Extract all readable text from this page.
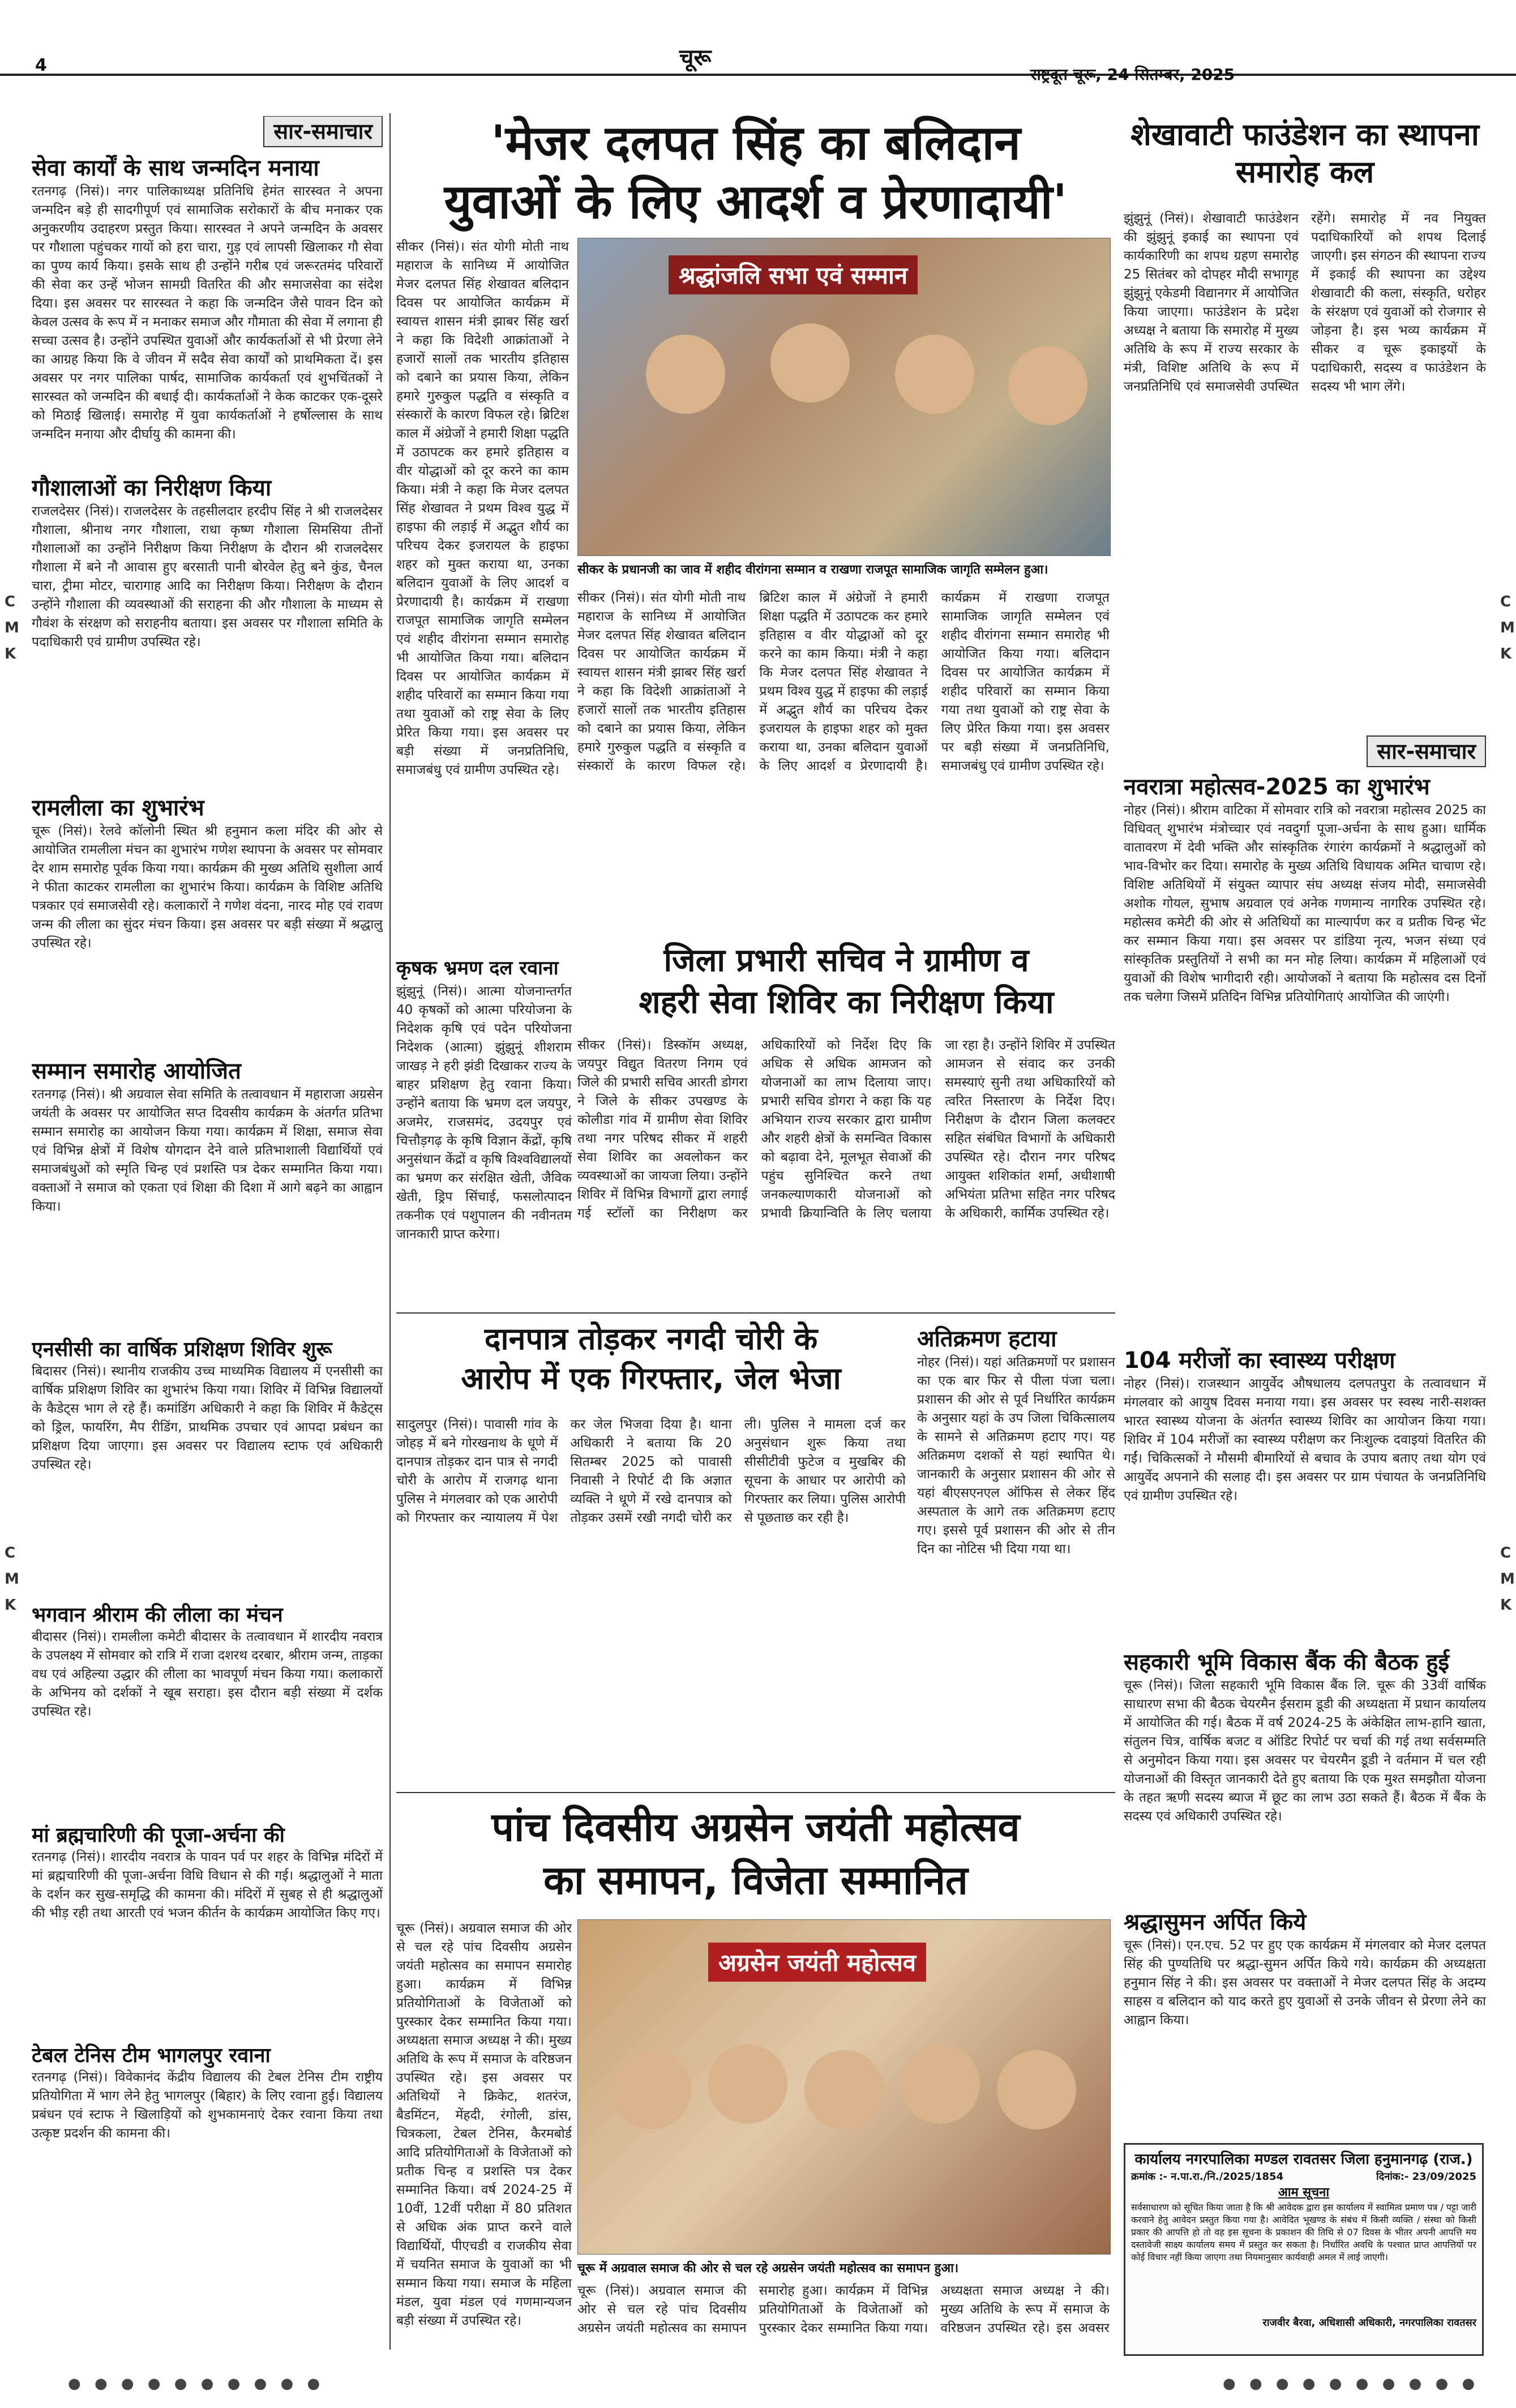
4	चूरू
राष्ट्रदूत चूरू, 24 सितम्बर, 2025
C
M
K
C
M
K
C
M
K
C
M
K
सार-समाचार
सेवा कार्यों के साथ जन्मदिन मनाया
रतनगढ़ (निसं)। नगर पालिकाध्यक्ष प्रतिनिधि हेमंत सारस्वत ने अपना जन्मदिन बड़े ही सादगीपूर्ण एवं सामाजिक सरोकारों के बीच मनाकर एक अनुकरणीय उदाहरण प्रस्तुत किया। सारस्वत ने अपने जन्मदिन के अवसर पर गौशाला पहुंचकर गायों को हरा चारा, गुड़ एवं लापसी खिलाकर गौ सेवा का पुण्य कार्य किया। इसके साथ ही उन्होंने गरीब एवं जरूरतमंद परिवारों की सेवा कर उन्हें भोजन सामग्री वितरित की और समाजसेवा का संदेश दिया। इस अवसर पर सारस्वत ने कहा कि जन्मदिन जैसे पावन दिन को केवल उत्सव के रूप में न मनाकर समाज और गौमाता की सेवा में लगाना ही सच्चा उत्सव है। उन्होंने उपस्थित युवाओं और कार्यकर्ताओं से भी प्रेरणा लेने का आग्रह किया कि वे जीवन में सदैव सेवा कार्यों को प्राथमिकता दें। इस अवसर पर नगर पालिका पार्षद, सामाजिक कार्यकर्ता एवं शुभचिंतकों ने सारस्वत को जन्मदिन की बधाई दी। कार्यकर्ताओं ने केक काटकर एक-दूसरे को मिठाई खिलाई। समारोह में युवा कार्यकर्ताओं ने हर्षोल्लास के साथ जन्मदिन मनाया और दीर्घायु की कामना की।
गौशालाओं का निरीक्षण किया
राजलदेसर (निसं)। राजलदेसर के तहसीलदार हरदीप सिंह ने श्री राजलदेसर गौशाला, श्रीनाथ नगर गौशाला, राधा कृष्ण गौशाला सिमसिया तीनों गौशालाओं का उन्होंने निरीक्षण किया निरीक्षण के दौरान श्री राजलदेसर गौशाला में बने नौ आवास हुए बरसाती पानी बोरवेल हेतु बने कुंड, चैनल चारा, ट्रीमा मोटर, चारागाह आदि का निरीक्षण किया। निरीक्षण के दौरान उन्होंने गौशाला की व्यवस्थाओं की सराहना की और गौशाला के माध्यम से गौवंश के संरक्षण को सराहनीय बताया। इस अवसर पर गौशाला समिति के पदाधिकारी एवं ग्रामीण उपस्थित रहे।
रामलीला का शुभारंभ
चूरू (निसं)। रेलवे कॉलोनी स्थित श्री हनुमान कला मंदिर की ओर से आयोजित रामलीला मंचन का शुभारंभ गणेश स्थापना के अवसर पर सोमवार देर शाम समारोह पूर्वक किया गया। कार्यक्रम की मुख्य अतिथि सुशीला आर्य ने फीता काटकर रामलीला का शुभारंभ किया। कार्यक्रम के विशिष्ट अतिथि पत्रकार एवं समाजसेवी रहे। कलाकारों ने गणेश वंदना, नारद मोह एवं रावण जन्म की लीला का सुंदर मंचन किया। इस अवसर पर बड़ी संख्या में श्रद्धालु उपस्थित रहे।
सम्मान समारोह आयोजित
रतनगढ़ (निसं)। श्री अग्रवाल सेवा समिति के तत्वावधान में महाराजा अग्रसेन जयंती के अवसर पर आयोजित सप्त दिवसीय कार्यक्रम के अंतर्गत प्रतिभा सम्मान समारोह का आयोजन किया गया। कार्यक्रम में शिक्षा, समाज सेवा एवं विभिन्न क्षेत्रों में विशेष योगदान देने वाले प्रतिभाशाली विद्यार्थियों एवं समाजबंधुओं को स्मृति चिन्ह एवं प्रशस्ति पत्र देकर सम्मानित किया गया। वक्ताओं ने समाज को एकता एवं शिक्षा की दिशा में आगे बढ़ने का आह्वान किया।
एनसीसी का वार्षिक प्रशिक्षण शिविर शुरू
बिदासर (निसं)। स्थानीय राजकीय उच्च माध्यमिक विद्यालय में एनसीसी का वार्षिक प्रशिक्षण शिविर का शुभारंभ किया गया। शिविर में विभिन्न विद्यालयों के कैडेट्स भाग ले रहे हैं। कमांडिंग अधिकारी ने कहा कि शिविर में कैडेट्स को ड्रिल, फायरिंग, मैप रीडिंग, प्राथमिक उपचार एवं आपदा प्रबंधन का प्रशिक्षण दिया जाएगा। इस अवसर पर विद्यालय स्टाफ एवं अधिकारी उपस्थित रहे।
भगवान श्रीराम की लीला का मंचन
बीदासर (निसं)। रामलीला कमेटी बीदासर के तत्वावधान में शारदीय नवरात्र के उपलक्ष्य में सोमवार को रात्रि में राजा दशरथ दरबार, श्रीराम जन्म, ताड़का वध एवं अहिल्या उद्धार की लीला का भावपूर्ण मंचन किया गया। कलाकारों के अभिनय को दर्शकों ने खूब सराहा। इस दौरान बड़ी संख्या में दर्शक उपस्थित रहे।
मां ब्रह्मचारिणी की पूजा-अर्चना की
रतनगढ़ (निसं)। शारदीय नवरात्र के पावन पर्व पर शहर के विभिन्न मंदिरों में मां ब्रह्मचारिणी की पूजा-अर्चना विधि विधान से की गई। श्रद्धालुओं ने माता के दर्शन कर सुख-समृद्धि की कामना की। मंदिरों में सुबह से ही श्रद्धालुओं की भीड़ रही तथा आरती एवं भजन कीर्तन के कार्यक्रम आयोजित किए गए।
टेबल टेनिस टीम भागलपुर रवाना
रतनगढ़ (निसं)। विवेकानंद केंद्रीय विद्यालय की टेबल टेनिस टीम राष्ट्रीय प्रतियोगिता में भाग लेने हेतु भागलपुर (बिहार) के लिए रवाना हुई। विद्यालय प्रबंधन एवं स्टाफ ने खिलाड़ियों को शुभकामनाएं देकर रवाना किया तथा उत्कृष्ट प्रदर्शन की कामना की।
'मेजर दलपत सिंह का बलिदान
युवाओं के लिए आदर्श व प्रेरणादायी'
श्रद्धांजलि सभा एवं सम्मान
सीकर के प्रधानजी का जाव में शहीद वीरांगना सम्मान व राखणा राजपूत सामाजिक जागृति सम्मेलन हुआ।
सीकर (निसं)। संत योगी मोती नाथ महाराज के सानिध्य में आयोजित मेजर दलपत सिंह शेखावत बलिदान दिवस पर आयोजित कार्यक्रम में स्वायत्त शासन मंत्री झाबर सिंह खर्रा ने कहा कि विदेशी आक्रांताओं ने हजारों सालों तक भारतीय इतिहास को दबाने का प्रयास किया, लेकिन हमारे गुरुकुल पद्धति व संस्कृति व संस्कारों के कारण विफल रहे। ब्रिटिश काल में अंग्रेजों ने हमारी शिक्षा पद्धति में उठापटक कर हमारे इतिहास व वीर योद्धाओं को दूर करने का काम किया। मंत्री ने कहा कि मेजर दलपत सिंह शेखावत ने प्रथम विश्व युद्ध में हाइफा की लड़ाई में अद्भुत शौर्य का परिचय देकर इजरायल के हाइफा शहर को मुक्त कराया था, उनका बलिदान युवाओं के लिए आदर्श व प्रेरणादायी है। कार्यक्रम में राखणा राजपूत सामाजिक जागृति सम्मेलन एवं शहीद वीरांगना सम्मान समारोह भी आयोजित किया गया। बलिदान दिवस पर आयोजित कार्यक्रम में शहीद परिवारों का सम्मान किया गया तथा युवाओं को राष्ट्र सेवा के लिए प्रेरित किया गया। इस अवसर पर बड़ी संख्या में जनप्रतिनिधि, समाजबंधु एवं ग्रामीण उपस्थित रहे।
सीकर (निसं)। संत योगी मोती नाथ महाराज के सानिध्य में आयोजित मेजर दलपत सिंह शेखावत बलिदान दिवस पर आयोजित कार्यक्रम में स्वायत्त शासन मंत्री झाबर सिंह खर्रा ने कहा कि विदेशी आक्रांताओं ने हजारों सालों तक भारतीय इतिहास को दबाने का प्रयास किया, लेकिन हमारे गुरुकुल पद्धति व संस्कृति व संस्कारों के कारण विफल रहे। ब्रिटिश काल में अंग्रेजों ने हमारी शिक्षा पद्धति में उठापटक कर हमारे इतिहास व वीर योद्धाओं को दूर करने का काम किया। मंत्री ने कहा कि मेजर दलपत सिंह शेखावत ने प्रथम विश्व युद्ध में हाइफा की लड़ाई में अद्भुत शौर्य का परिचय देकर इजरायल के हाइफा शहर को मुक्त कराया था, उनका बलिदान युवाओं के लिए आदर्श व प्रेरणादायी है। कार्यक्रम में राखणा राजपूत सामाजिक जागृति सम्मेलन एवं शहीद वीरांगना सम्मान समारोह भी आयोजित किया गया। बलिदान दिवस पर आयोजित कार्यक्रम में शहीद परिवारों का सम्मान किया गया तथा युवाओं को राष्ट्र सेवा के लिए प्रेरित किया गया। इस अवसर पर बड़ी संख्या में जनप्रतिनिधि, समाजबंधु एवं ग्रामीण उपस्थित रहे।
कृषक भ्रमण दल रवाना
झुंझुनूं (निसं)। आत्मा योजनान्तर्गत 40 कृषकों को आत्मा परियोजना के निदेशक कृषि एवं पदेन परियोजना निदेशक (आत्मा) झुंझुनूं शीशराम जाखड़ ने हरी झंडी दिखाकर राज्य के बाहर प्रशिक्षण हेतु रवाना किया। उन्होंने बताया कि भ्रमण दल जयपुर, अजमेर, राजसमंद, उदयपुर एवं चित्तौड़गढ़ के कृषि विज्ञान केंद्रों, कृषि अनुसंधान केंद्रों व कृषि विश्वविद्यालयों का भ्रमण कर संरक्षित खेती, जैविक खेती, ड्रिप सिंचाई, फसलोत्पादन तकनीक एवं पशुपालन की नवीनतम जानकारी प्राप्त करेगा।
शेखावाटी फाउंडेशन का स्थापना समारोह कल
झुंझुनूं (निसं)। शेखावाटी फाउंडेशन की झुंझुनूं इकाई का स्थापना एवं कार्यकारिणी का शपथ ग्रहण समारोह 25 सितंबर को दोपहर मौदी सभागृह झुंझुनूं एकेडमी विद्यानगर में आयोजित किया जाएगा। फाउंडेशन के प्रदेश अध्यक्ष ने बताया कि समारोह में मुख्य अतिथि के रूप में राज्य सरकार के मंत्री, विशिष्ट अतिथि के रूप में जनप्रतिनिधि एवं समाजसेवी उपस्थित रहेंगे। समारोह में नव नियुक्त पदाधिकारियों को शपथ दिलाई जाएगी। इस संगठन की स्थापना राज्य में इकाई की स्थापना का उद्देश्य शेखावाटी की कला, संस्कृति, धरोहर के संरक्षण एवं युवाओं को रोजगार से जोड़ना है। इस भव्य कार्यक्रम में सीकर व चूरू इकाइयों के पदाधिकारी, सदस्य व फाउंडेशन के सदस्य भी भाग लेंगे।
सार-समाचार
नवरात्रा महोत्सव-2025 का शुभारंभ
नोहर (निसं)। श्रीराम वाटिका में सोमवार रात्रि को नवरात्रा महोत्सव 2025 का विधिवत् शुभारंभ मंत्रोच्चार एवं नवदुर्गा पूजा-अर्चना के साथ हुआ। धार्मिक वातावरण में देवी भक्ति और सांस्कृतिक रंगारंग कार्यक्रमों ने श्रद्धालुओं को भाव-विभोर कर दिया। समारोह के मुख्य अतिथि विधायक अमित चाचाण रहे। विशिष्ट अतिथियों में संयुक्त व्यापार संघ अध्यक्ष संजय मोदी, समाजसेवी अशोक गोयल, सुभाष अग्रवाल एवं अनेक गणमान्य नागरिक उपस्थित रहे। महोत्सव कमेटी की ओर से अतिथियों का माल्यार्पण कर व प्रतीक चिन्ह भेंट कर सम्मान किया गया। इस अवसर पर डांडिया नृत्य, भजन संध्या एवं सांस्कृतिक प्रस्तुतियों ने सभी का मन मोह लिया। कार्यक्रम में महिलाओं एवं युवाओं की विशेष भागीदारी रही। आयोजकों ने बताया कि महोत्सव दस दिनों तक चलेगा जिसमें प्रतिदिन विभिन्न प्रतियोगिताएं आयोजित की जाएंगी।
104 मरीजों का स्वास्थ्य परीक्षण
नोहर (निसं)। राजस्थान आयुर्वेद औषधालय दलपतपुरा के तत्वावधान में मंगलवार को आयुष दिवस मनाया गया। इस अवसर पर स्वस्थ नारी-सशक्त भारत स्वास्थ्य योजना के अंतर्गत स्वास्थ्य शिविर का आयोजन किया गया। शिविर में 104 मरीजों का स्वास्थ्य परीक्षण कर निःशुल्क दवाइयां वितरित की गईं। चिकित्सकों ने मौसमी बीमारियों से बचाव के उपाय बताए तथा योग एवं आयुर्वेद अपनाने की सलाह दी। इस अवसर पर ग्राम पंचायत के जनप्रतिनिधि एवं ग्रामीण उपस्थित रहे।
सहकारी भूमि विकास बैंक की बैठक हुई
चूरू (निसं)। जिला सहकारी भूमि विकास बैंक लि. चूरू की 33वीं वार्षिक साधारण सभा की बैठक चेयरमैन ईसराम डूडी की अध्यक्षता में प्रधान कार्यालय में आयोजित की गई। बैठक में वर्ष 2024-25 के अंकेक्षित लाभ-हानि खाता, संतुलन चित्र, वार्षिक बजट व ऑडिट रिपोर्ट पर चर्चा की गई तथा सर्वसम्मति से अनुमोदन किया गया। इस अवसर पर चेयरमैन डूडी ने वर्तमान में चल रही योजनाओं की विस्तृत जानकारी देते हुए बताया कि एक मुश्त समझौता योजना के तहत ऋणी सदस्य ब्याज में छूट का लाभ उठा सकते हैं। बैठक में बैंक के सदस्य एवं अधिकारी उपस्थित रहे।
जिला प्रभारी सचिव ने ग्रामीण व
शहरी सेवा शिविर का निरीक्षण किया
सीकर (निसं)। डिस्कॉम अध्यक्ष, जयपुर विद्युत वितरण निगम एवं जिले की प्रभारी सचिव आरती डोगरा ने जिले के सीकर उपखण्ड के कोलीडा गांव में ग्रामीण सेवा शिविर तथा नगर परिषद सीकर में शहरी सेवा शिविर का अवलोकन कर व्यवस्थाओं का जायजा लिया। उन्होंने शिविर में विभिन्न विभागों द्वारा लगाई गई स्टॉलों का निरीक्षण कर अधिकारियों को निर्देश दिए कि अधिक से अधिक आमजन को योजनाओं का लाभ दिलाया जाए। प्रभारी सचिव डोगरा ने कहा कि यह अभियान राज्य सरकार द्वारा ग्रामीण और शहरी क्षेत्रों के समन्वित विकास को बढ़ावा देने, मूलभूत सेवाओं की पहुंच सुनिश्चित करने तथा जनकल्याणकारी योजनाओं को प्रभावी क्रियान्विति के लिए चलाया जा रहा है। उन्होंने शिविर में उपस्थित आमजन से संवाद कर उनकी समस्याएं सुनी तथा अधिकारियों को त्वरित निस्तारण के निर्देश दिए। निरीक्षण के दौरान जिला कलक्टर सहित संबंधित विभागों के अधिकारी उपस्थित रहे। दौरान नगर परिषद आयुक्त शशिकांत शर्मा, अधीशाषी अभियंता प्रतिभा सहित नगर परिषद के अधिकारी, कार्मिक उपस्थित रहे।
दानपात्र तोड़कर नगदी चोरी के
आरोप में एक गिरफ्तार, जेल भेजा
सादुलपुर (निसं)। पावासी गांव के जोहड़ में बने गोरखनाथ के धूणे में दानपात्र तोड़कर दान पात्र से नगदी चोरी के आरोप में राजगढ़ थाना पुलिस ने मंगलवार को एक आरोपी को गिरफ्तार कर न्यायालय में पेश कर जेल भिजवा दिया है। थाना अधिकारी ने बताया कि 20 सितम्बर 2025 को पावासी निवासी ने रिपोर्ट दी कि अज्ञात व्यक्ति ने धूणे में रखे दानपात्र को तोड़कर उसमें रखी नगदी चोरी कर ली। पुलिस ने मामला दर्ज कर अनुसंधान शुरू किया तथा सीसीटीवी फुटेज व मुखबिर की सूचना के आधार पर आरोपी को गिरफ्तार कर लिया। पुलिस आरोपी से पूछताछ कर रही है।
अतिक्रमण हटाया
नोहर (निसं)। यहां अतिक्रमणों पर प्रशासन का एक बार फिर से पीला पंजा चला। प्रशासन की ओर से पूर्व निर्धारित कार्यक्रम के अनुसार यहां के उप जिला चिकित्सालय के सामने से अतिक्रमण हटाए गए। यह अतिक्रमण दशकों से यहां स्थापित थे। जानकारी के अनुसार प्रशासन की ओर से यहां बीएसएनएल ऑफिस से लेकर हिंद अस्पताल के आगे तक अतिक्रमण हटाए गए। इससे पूर्व प्रशासन की ओर से तीन दिन का नोटिस भी दिया गया था।
पांच दिवसीय अग्रसेन जयंती महोत्सव
का समापन, विजेता सम्मानित
चूरू (निसं)। अग्रवाल समाज की ओर से चल रहे पांच दिवसीय अग्रसेन जयंती महोत्सव का समापन समारोह हुआ। कार्यक्रम में विभिन्न प्रतियोगिताओं के विजेताओं को पुरस्कार देकर सम्मानित किया गया। अध्यक्षता समाज अध्यक्ष ने की। मुख्य अतिथि के रूप में समाज के वरिष्ठजन उपस्थित रहे। इस अवसर पर अतिथियों ने क्रिकेट, शतरंज, बैडमिंटन, मेंहदी, रंगोली, डांस, चित्रकला, टेबल टेनिस, कैरमबोर्ड आदि प्रतियोगिताओं के विजेताओं को प्रतीक चिन्ह व प्रशस्ति पत्र देकर सम्मानित किया। वर्ष 2024-25 में 10वीं, 12वीं परीक्षा में 80 प्रतिशत से अधिक अंक प्राप्त करने वाले विद्यार्थियों, पीएचडी व राजकीय सेवा में चयनित समाज के युवाओं का भी सम्मान किया गया। समाज के महिला मंडल, युवा मंडल एवं गणमान्यजन बड़ी संख्या में उपस्थित रहे।
अग्रसेन जयंती महोत्सव
चूरू में अग्रवाल समाज की ओर से चल रहे अग्रसेन जयंती महोत्सव का समापन हुआ।
चूरू (निसं)। अग्रवाल समाज की ओर से चल रहे पांच दिवसीय अग्रसेन जयंती महोत्सव का समापन समारोह हुआ। कार्यक्रम में विभिन्न प्रतियोगिताओं के विजेताओं को पुरस्कार देकर सम्मानित किया गया। अध्यक्षता समाज अध्यक्ष ने की। मुख्य अतिथि के रूप में समाज के वरिष्ठजन उपस्थित रहे। इस अवसर
श्रद्धासुमन अर्पित किये
चूरू (निसं)। एन.एच. 52 पर हुए एक कार्यक्रम में मंगलवार को मेजर दलपत सिंह की पुण्यतिथि पर श्रद्धा-सुमन अर्पित किये गये। कार्यक्रम की अध्यक्षता हनुमान सिंह ने की। इस अवसर पर वक्ताओं ने मेजर दलपत सिंह के अदम्य साहस व बलिदान को याद करते हुए युवाओं से उनके जीवन से प्रेरणा लेने का आह्वान किया।
कार्यालय नगरपालिका मण्डल रावतसर जिला हनुमानगढ़ (राज.)
क्रमांक :- न.पा.रा./नि./2025/1854	दिनांक:- 23/09/2025
आम सूचना
सर्वसाधारण को सूचित किया जाता है कि श्री आवेदक द्वारा इस कार्यालय में स्वामित्व प्रमाण पत्र / पट्टा जारी करवाने हेतु आवेदन प्रस्तुत किया गया है। आवेदित भूखण्ड के संबंध में किसी व्यक्ति / संस्था को किसी प्रकार की आपत्ति हो तो वह इस सूचना के प्रकाशन की तिथि से 07 दिवस के भीतर अपनी आपत्ति मय दस्तावेजी साक्ष्य कार्यालय समय में प्रस्तुत कर सकता है। निर्धारित अवधि के पश्चात प्राप्त आपत्तियों पर कोई विचार नहीं किया जाएगा तथा नियमानुसार कार्यवाही अमल में लाई जाएगी।
राजवीर बैरवा, अधिशासी अधिकारी, नगरपालिका रावतसर
● ● ● ● ● ● ● ● ● ●	● ● ● ● ● ● ● ● ● ●
